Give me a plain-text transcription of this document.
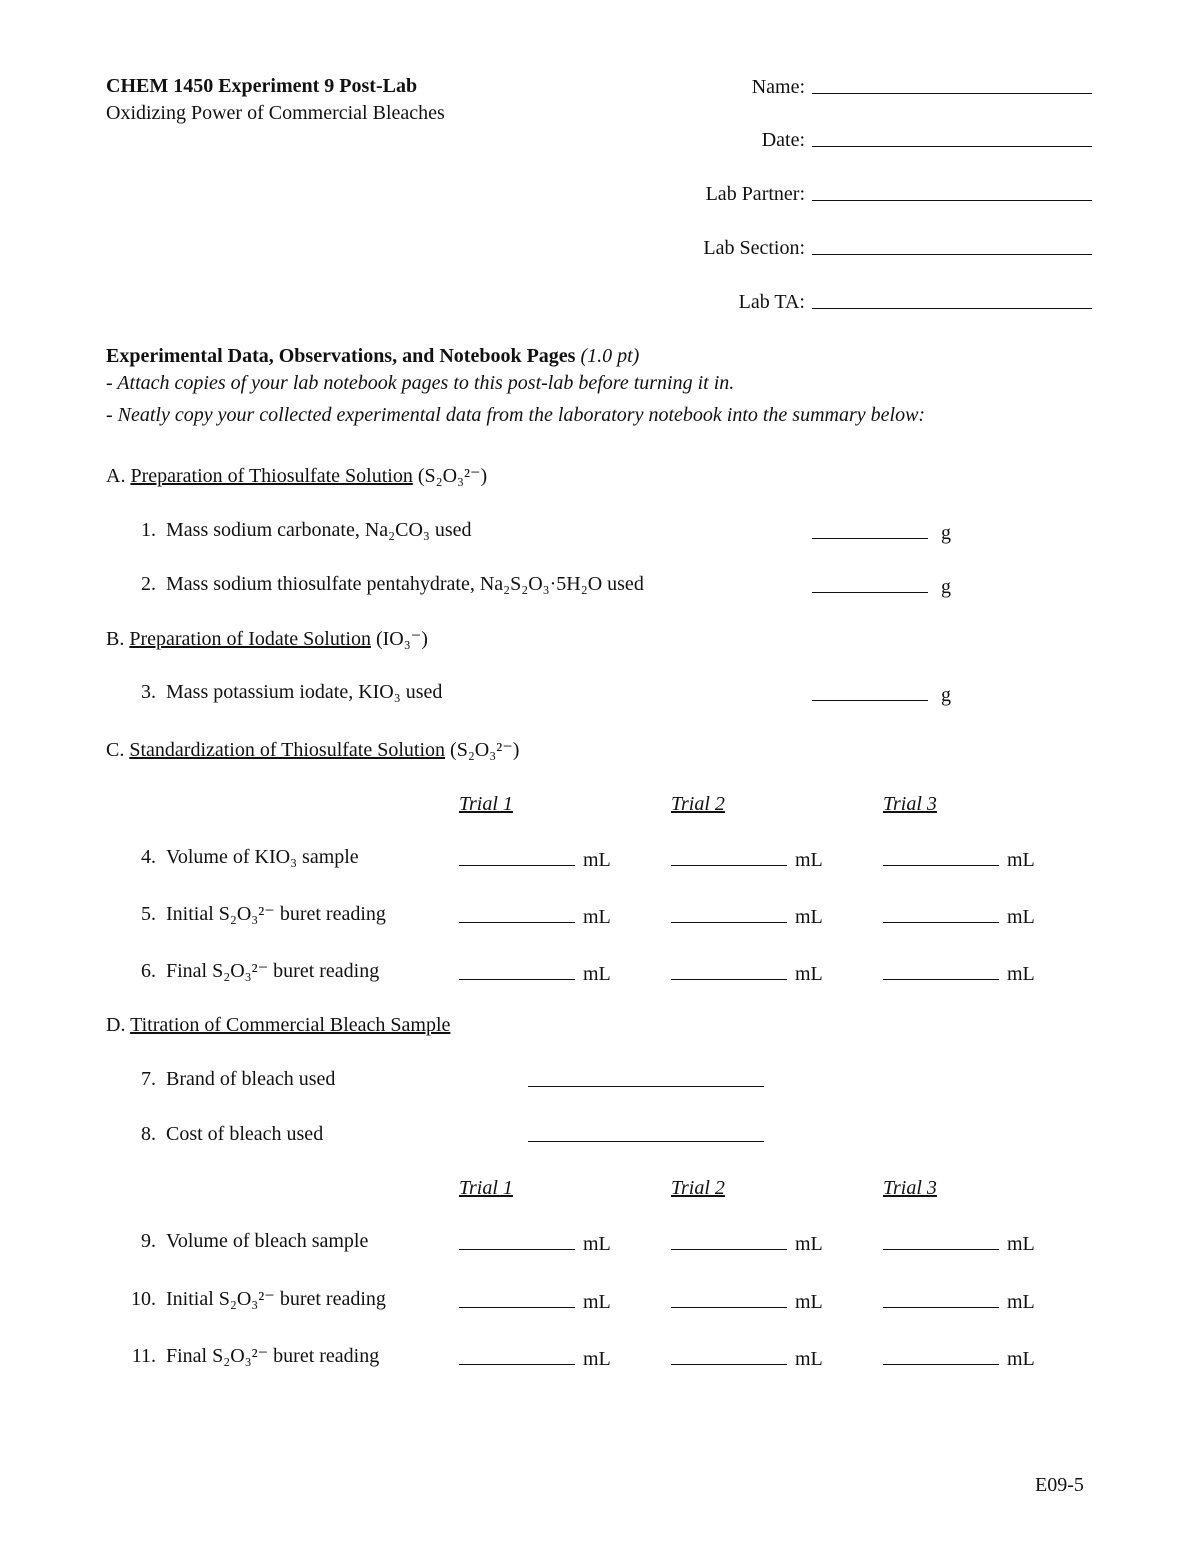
CHEM 1450 Experiment 9 Post-Lab
Oxidizing Power of Commercial Bleaches
Name:
Date:
Lab Partner:
Lab Section:
Lab TA:
Experimental Data, Observations, and Notebook Pages (1.0 pt)
- Attach copies of your lab notebook pages to this post-lab before turning it in.
- Neatly copy your collected experimental data from the laboratory notebook into the summary below:
A. Preparation of Thiosulfate Solution (S₂O₃²⁻)
1. Mass sodium carbonate, Na₂CO₃ used	g
2. Mass sodium thiosulfate pentahydrate, Na₂S₂O₃·5H₂O used	g
B. Preparation of Iodate Solution (IO₃⁻)
3. Mass potassium iodate, KIO₃ used	g
C. Standardization of Thiosulfate Solution (S₂O₃²⁻)
Trial 1	Trial 2	Trial 3
4. Volume of KIO₃ sample	mL	mL	mL
5. Initial S₂O₃²⁻ buret reading	mL	mL	mL
6. Final S₂O₃²⁻ buret reading	mL	mL	mL
D. Titration of Commercial Bleach Sample
7. Brand of bleach used
8. Cost of bleach used
Trial 1	Trial 2	Trial 3
9. Volume of bleach sample	mL	mL	mL
10. Initial S₂O₃²⁻ buret reading	mL	mL	mL
11. Final S₂O₃²⁻ buret reading	mL	mL	mL
E09-5
